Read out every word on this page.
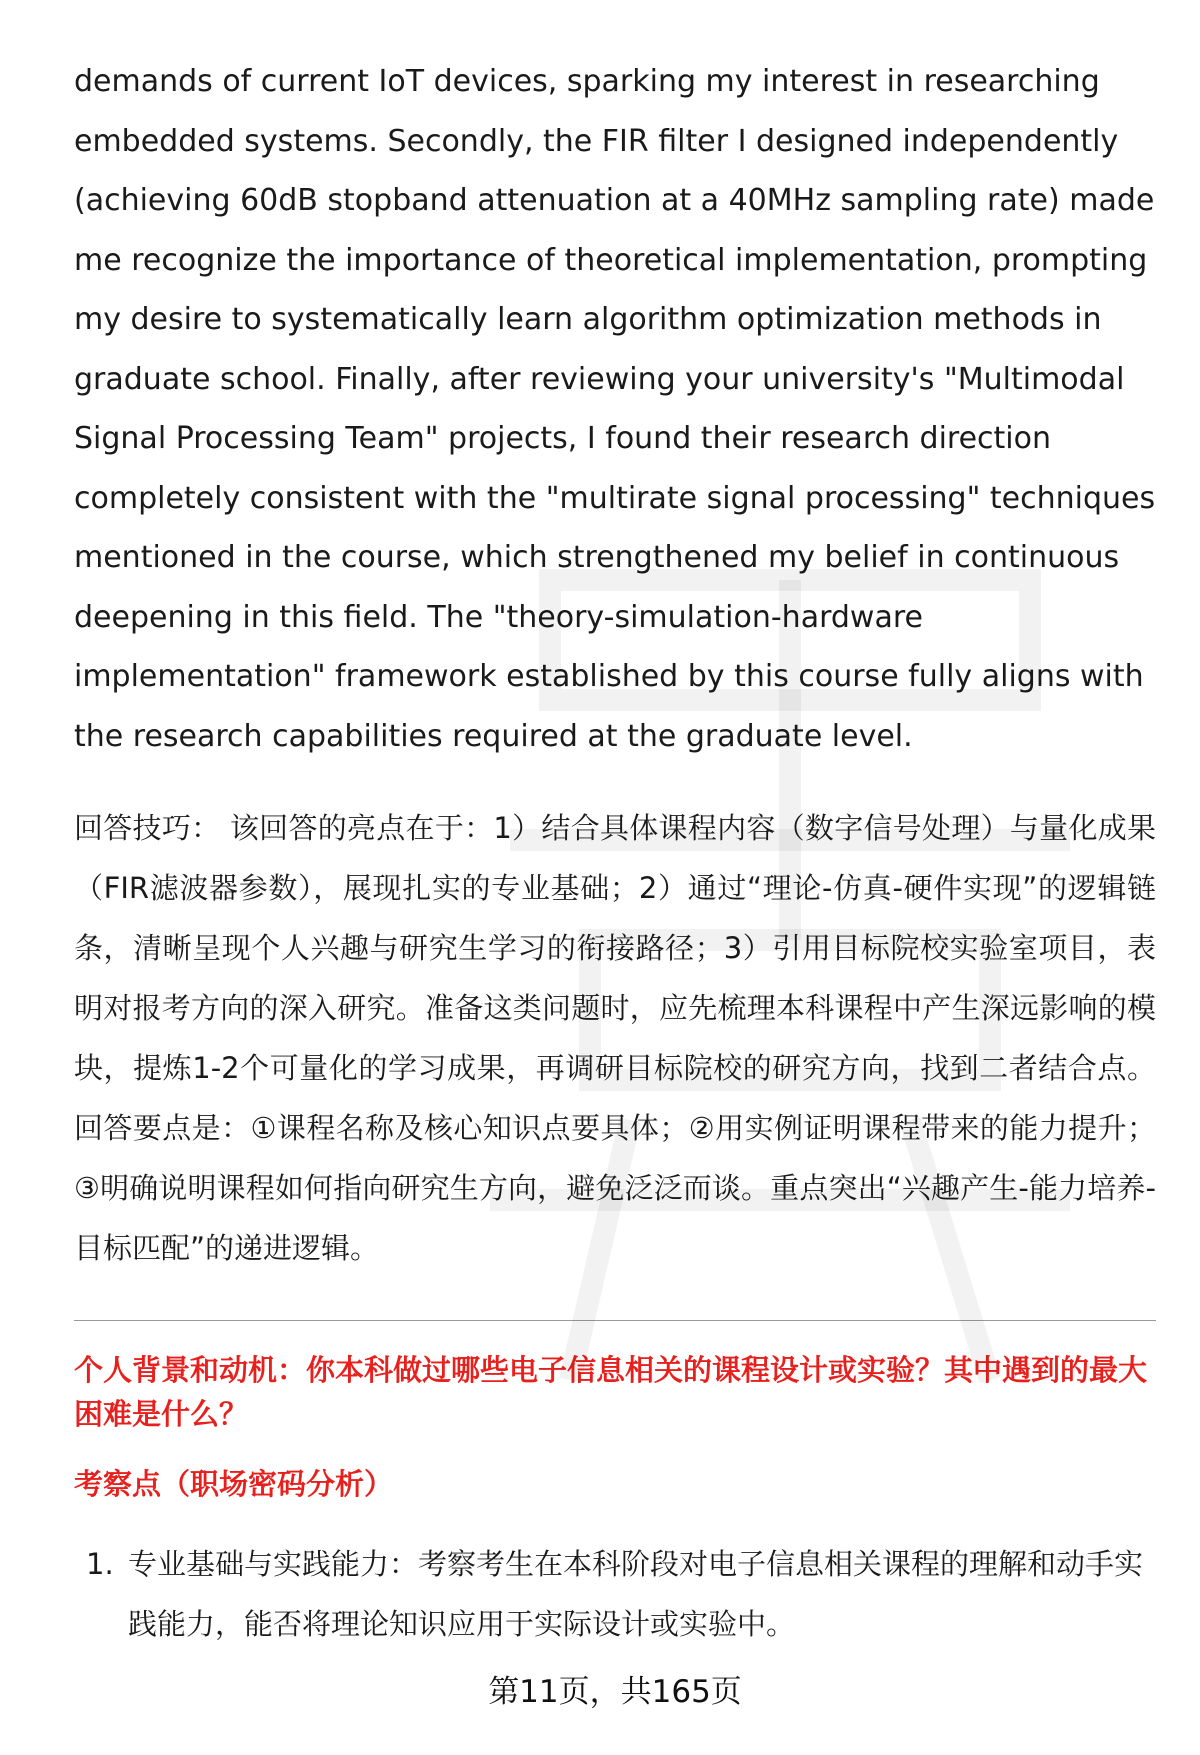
demands of current IoT devices, sparking my interest in researching embedded systems. Secondly, the FIR filter I designed independently (achieving 60dB stopband attenuation at a 40MHz sampling rate) made me recognize the importance of theoretical implementation, prompting my desire to systematically learn algorithm optimization methods in graduate school. Finally, after reviewing your university's "Multimodal Signal Processing Team" projects, I found their research direction completely consistent with the "multirate signal processing" techniques mentioned in the course, which strengthened my belief in continuous deepening in this field. The "theory-simulation-hardware implementation" framework established by this course fully aligns with the research capabilities required at the graduate level.

回答技巧： 该回答的亮点在于：1）结合具体课程内容（数字信号处理）与量化成果（FIR滤波器参数），展现扎实的专业基础；2）通过“理论-仿真-硬件实现”的逻辑链条，清晰呈现个人兴趣与研究生学习的衔接路径；3）引用目标院校实验室项目，表明对报考方向的深入研究。准备这类问题时，应先梳理本科课程中产生深远影响的模块，提炼1-2个可量化的学习成果，再调研目标院校的研究方向，找到二者结合点。回答要点是：①课程名称及核心知识点要具体；②用实例证明课程带来的能力提升；③明确说明课程如何指向研究生方向，避免泛泛而谈。重点突出“兴趣产生-能力培养-目标匹配”的递进逻辑。

个人背景和动机：你本科做过哪些电子信息相关的课程设计或实验？其中遇到的最大困难是什么？

考察点（职场密码分析）

1. 专业基础与实践能力：考察考生在本科阶段对电子信息相关课程的理解和动手实践能力，能否将理论知识应用于实际设计或实验中。
第11页，共165页
